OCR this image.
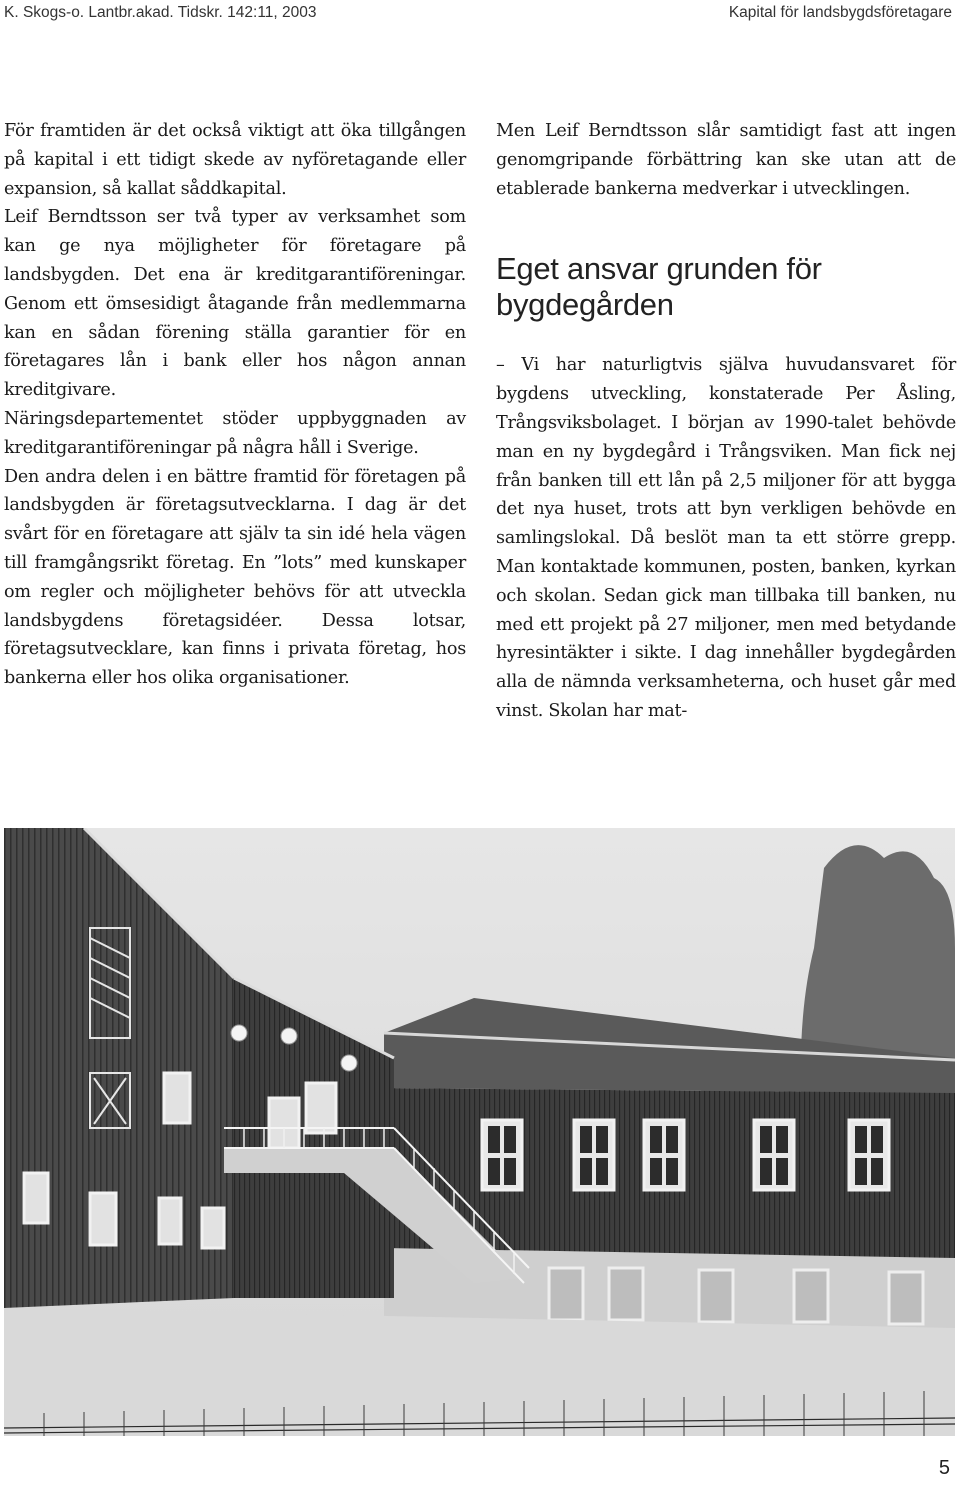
K. Skogs-o. Lantbr.akad. Tidskr. 142:11, 2003	Kapital för landsbygdsföretagare

För framtiden är det också viktigt att öka tillgången på kapital i ett tidigt skede av nyföretagande eller expansion, så kallat såddkapital.

Leif Berndtsson ser två typer av verksamhet som kan ge nya möjligheter för företagare på landsbygden. Det ena är kreditgarantiföreningar. Genom ett ömsesidigt åtagande från medlemmarna kan en sådan förening ställa garantier för en företagares lån i bank eller hos någon annan kreditgivare.

Näringsdepartementet stöder uppbyggnaden av kreditgarantiföreningar på några håll i Sverige.

Den andra delen i en bättre framtid för företagen på landsbygden är företagsutvecklarna. I dag är det svårt för en företagare att själv ta sin idé hela vägen till framgångsrikt företag. En ”lots” med kunskaper om regler och möjligheter behövs för att utveckla landsbygdens företagsidéer. Dessa lotsar, företagsutvecklare, kan finns i privata företag, hos bankerna eller hos olika organisationer.

Men Leif Berndtsson slår samtidigt fast att ingen genomgripande förbättring kan ske utan att de etablerade bankerna medverkar i utvecklingen.

Eget ansvar grunden för bygdegården

– Vi har naturligtvis själva huvudansvaret för bygdens utveckling, konstaterade Per Åsling, Trångsviksbolaget. I början av 1990-talet behövde man en ny bygdegård i Trångsviken. Man fick nej från banken till ett lån på 2,5 miljoner för att bygga det nya huset, trots att byn verkligen behövde en samlingslokal. Då beslöt man ta ett större grepp. Man kontaktade kommunen, posten, banken, kyrkan och skolan. Sedan gick man tillbaka till banken, nu med ett projekt på 27 miljoner, men med betydande hyresintäkter i sikte. I dag innehåller bygdegården alla de nämnda verksamheterna, och huset går med vinst. Skolan har mat-

5
